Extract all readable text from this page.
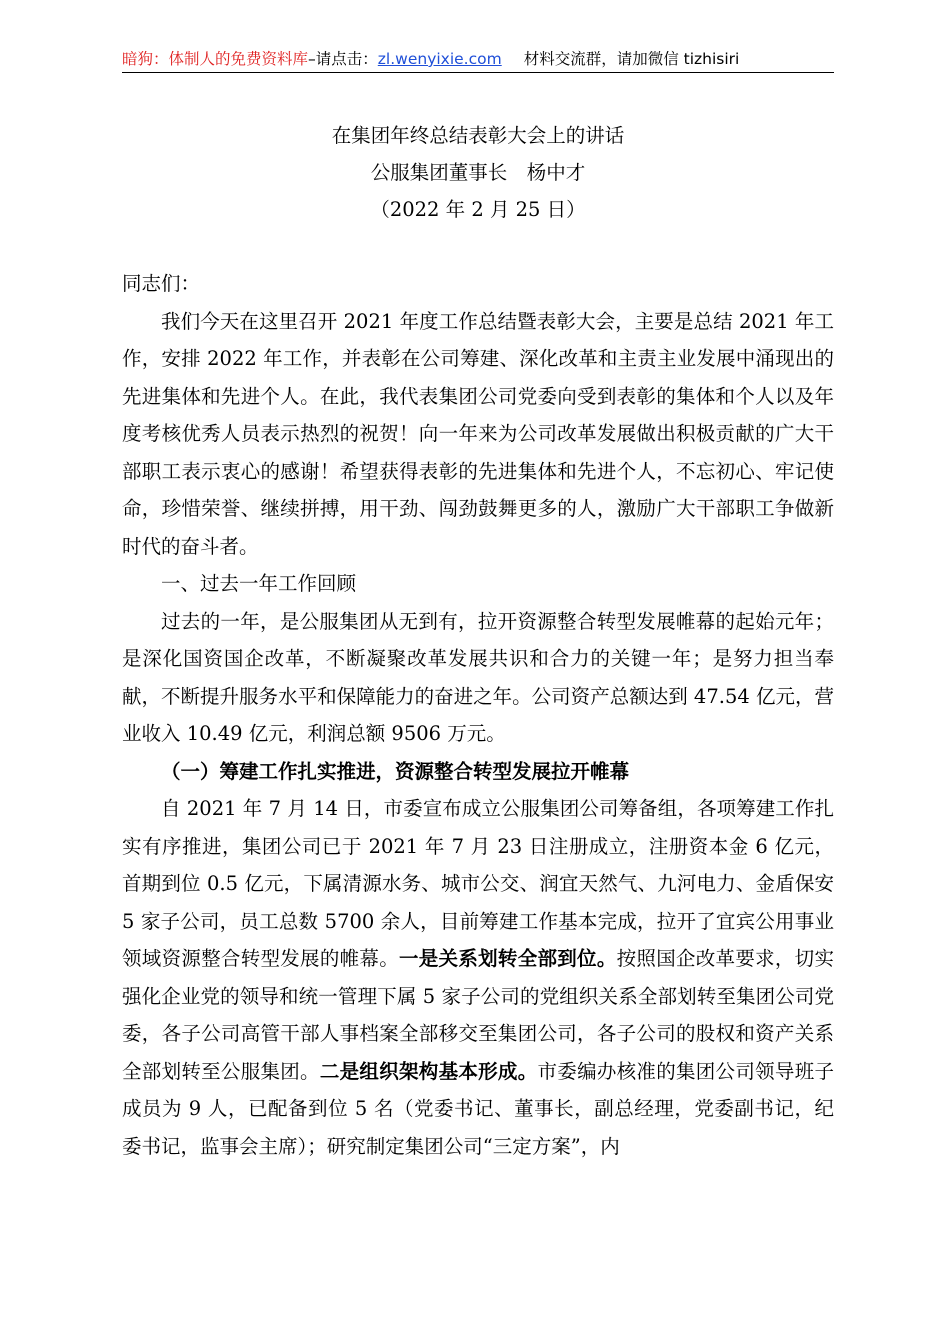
暗狗：体制人的免费资料库–请点击：zl.wenyixie.com 材料交流群，请加微信 tizhisiri
在集团年终总结表彰大会上的讲话
公服集团董事长　杨中才
（2022 年 2 月 25 日）

同志们：

我们今天在这里召开 2021 年度工作总结暨表彰大会，主要是总结 2021 年工作，安排 2022 年工作，并表彰在公司筹建、深化改革和主责主业发展中涌现出的先进集体和先进个人。在此，我代表集团公司党委向受到表彰的集体和个人以及年度考核优秀人员表示热烈的祝贺！向一年来为公司改革发展做出积极贡献的广大干部职工表示衷心的感谢！希望获得表彰的先进集体和先进个人，不忘初心、牢记使命，珍惜荣誉、继续拼搏，用干劲、闯劲鼓舞更多的人，激励广大干部职工争做新时代的奋斗者。

一、过去一年工作回顾

过去的一年，是公服集团从无到有，拉开资源整合转型发展帷幕的起始元年；是深化国资国企改革，不断凝聚改革发展共识和合力的关键一年；是努力担当奉献，不断提升服务水平和保障能力的奋进之年。公司资产总额达到 47.54 亿元，营业收入 10.49 亿元，利润总额 9506 万元。

（一）筹建工作扎实推进，资源整合转型发展拉开帷幕

自 2021 年 7 月 14 日，市委宣布成立公服集团公司筹备组，各项筹建工作扎实有序推进，集团公司已于 2021 年 7 月 23 日注册成立，注册资本金 6 亿元，首期到位 0.5 亿元，下属清源水务、城市公交、润宜天然气、九河电力、金盾保安 5 家子公司，员工总数 5700 余人，目前筹建工作基本完成，拉开了宜宾公用事业领域资源整合转型发展的帷幕。一是关系划转全部到位。按照国企改革要求，切实强化企业党的领导和统一管理下属 5 家子公司的党组织关系全部划转至集团公司党委，各子公司高管干部人事档案全部移交至集团公司，各子公司的股权和资产关系全部划转至公服集团。二是组织架构基本形成。市委编办核准的集团公司领导班子成员为 9 人，已配备到位 5 名（党委书记、董事长，副总经理，党委副书记，纪委书记，监事会主席）；研究制定集团公司“三定方案”，内
